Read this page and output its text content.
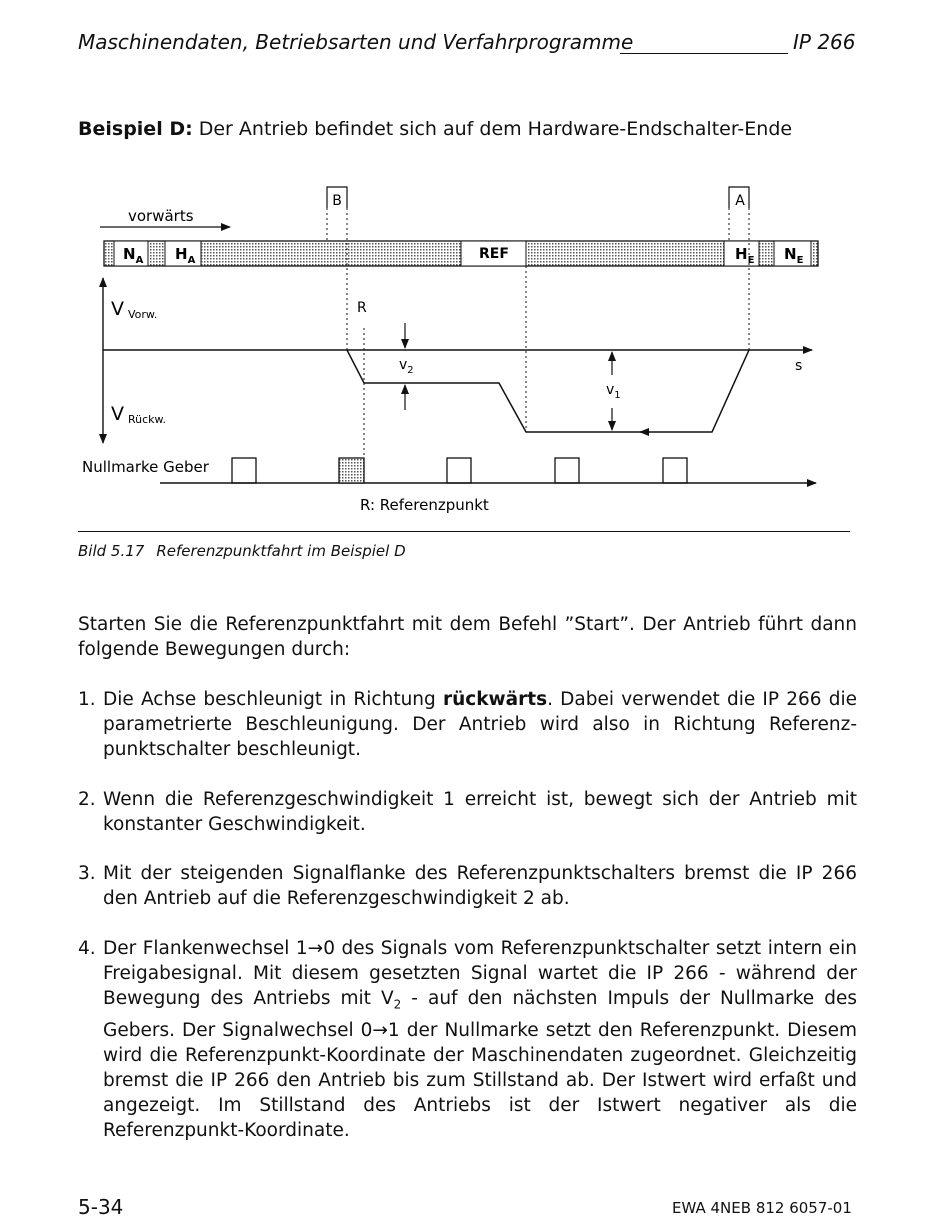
Maschinendaten, Betriebsarten und Verfahrprogramme	IP 266
Beispiel D: Der Antrieb befindet sich auf dem Hardware-Endschalter-Ende
vorwärts
B	A
$N_A$ $H_A$	REF	$H_E$ $N_E$
V Vorw.
V Rückw.
R
s
$v_2$
$v_1$
Nullmarke Geber
R: Referenzpunkt
Bild 5.17 Referenzpunktfahrt im Beispiel D
Starten Sie die Referenzpunktfahrt mit dem Befehl ”Start”. Der Antrieb führt dann folgende Bewegungen durch:
1. Die Achse beschleunigt in Richtung rückwärts. Dabei verwendet die IP 266 die parametrierte Beschleunigung. Der Antrieb wird also in Richtung Referenzpunktschalter beschleunigt.
2. Wenn die Referenzgeschwindigkeit 1 erreicht ist, bewegt sich der Antrieb mit konstanter Geschwindigkeit.
3. Mit der steigenden Signalflanke des Referenzpunktschalters bremst die IP 266 den Antrieb auf die Referenzgeschwindigkeit 2 ab.
4. Der Flankenwechsel 1→0 des Signals vom Referenzpunktschalter setzt intern ein Freigabesignal. Mit diesem gesetzten Signal wartet die IP 266 - während der Bewegung des Antriebs mit $V_2$ - auf den nächsten Impuls der Nullmarke des Gebers. Der Signalwechsel 0→1 der Nullmarke setzt den Referenzpunkt. Diesem wird die Referenzpunkt-Koordinate der Maschinendaten zugeordnet. Gleichzeitig bremst die IP 266 den Antrieb bis zum Stillstand ab. Der Istwert wird erfaßt und angezeigt. Im Stillstand des Antriebs ist der Istwert negativer als die Referenzpunkt-Koordinate.
5-34	EWA 4NEB 812 6057-01
